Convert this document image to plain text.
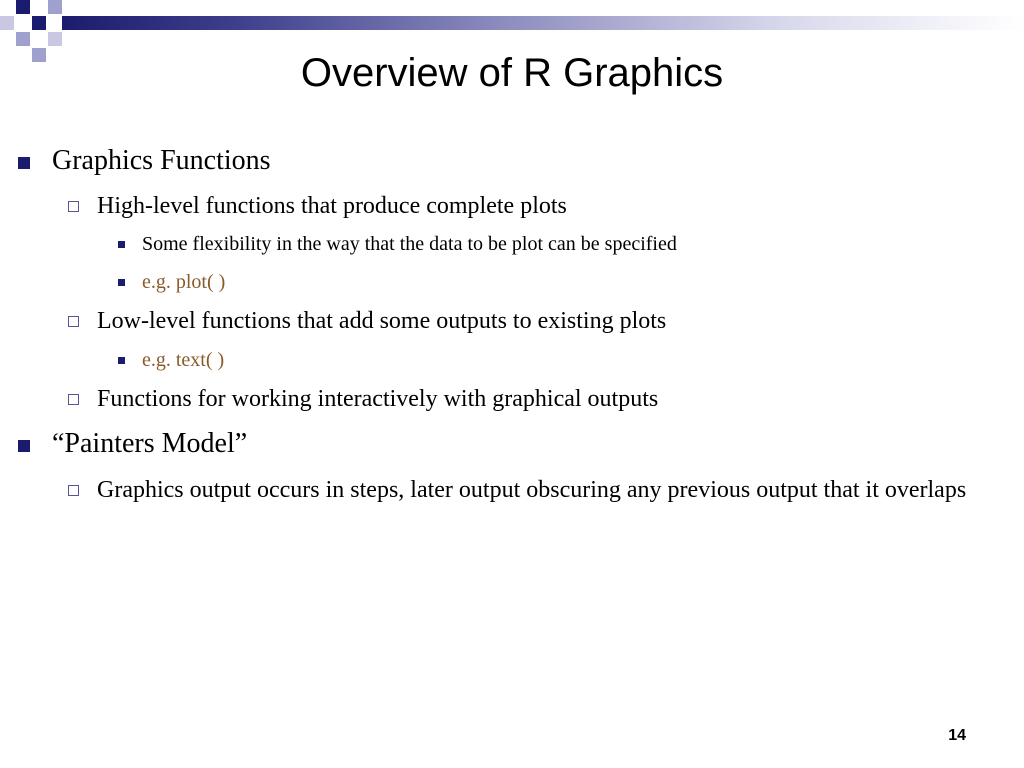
Overview of R Graphics
Graphics Functions
High-level functions that produce complete plots
Some flexibility in the way that the data to be plot can be specified
e.g. plot( )
Low-level functions that add some outputs to existing plots
e.g. text( )
Functions for working interactively with graphical outputs
“Painters Model”
Graphics output occurs in steps, later output obscuring any previous output that it overlaps
14
